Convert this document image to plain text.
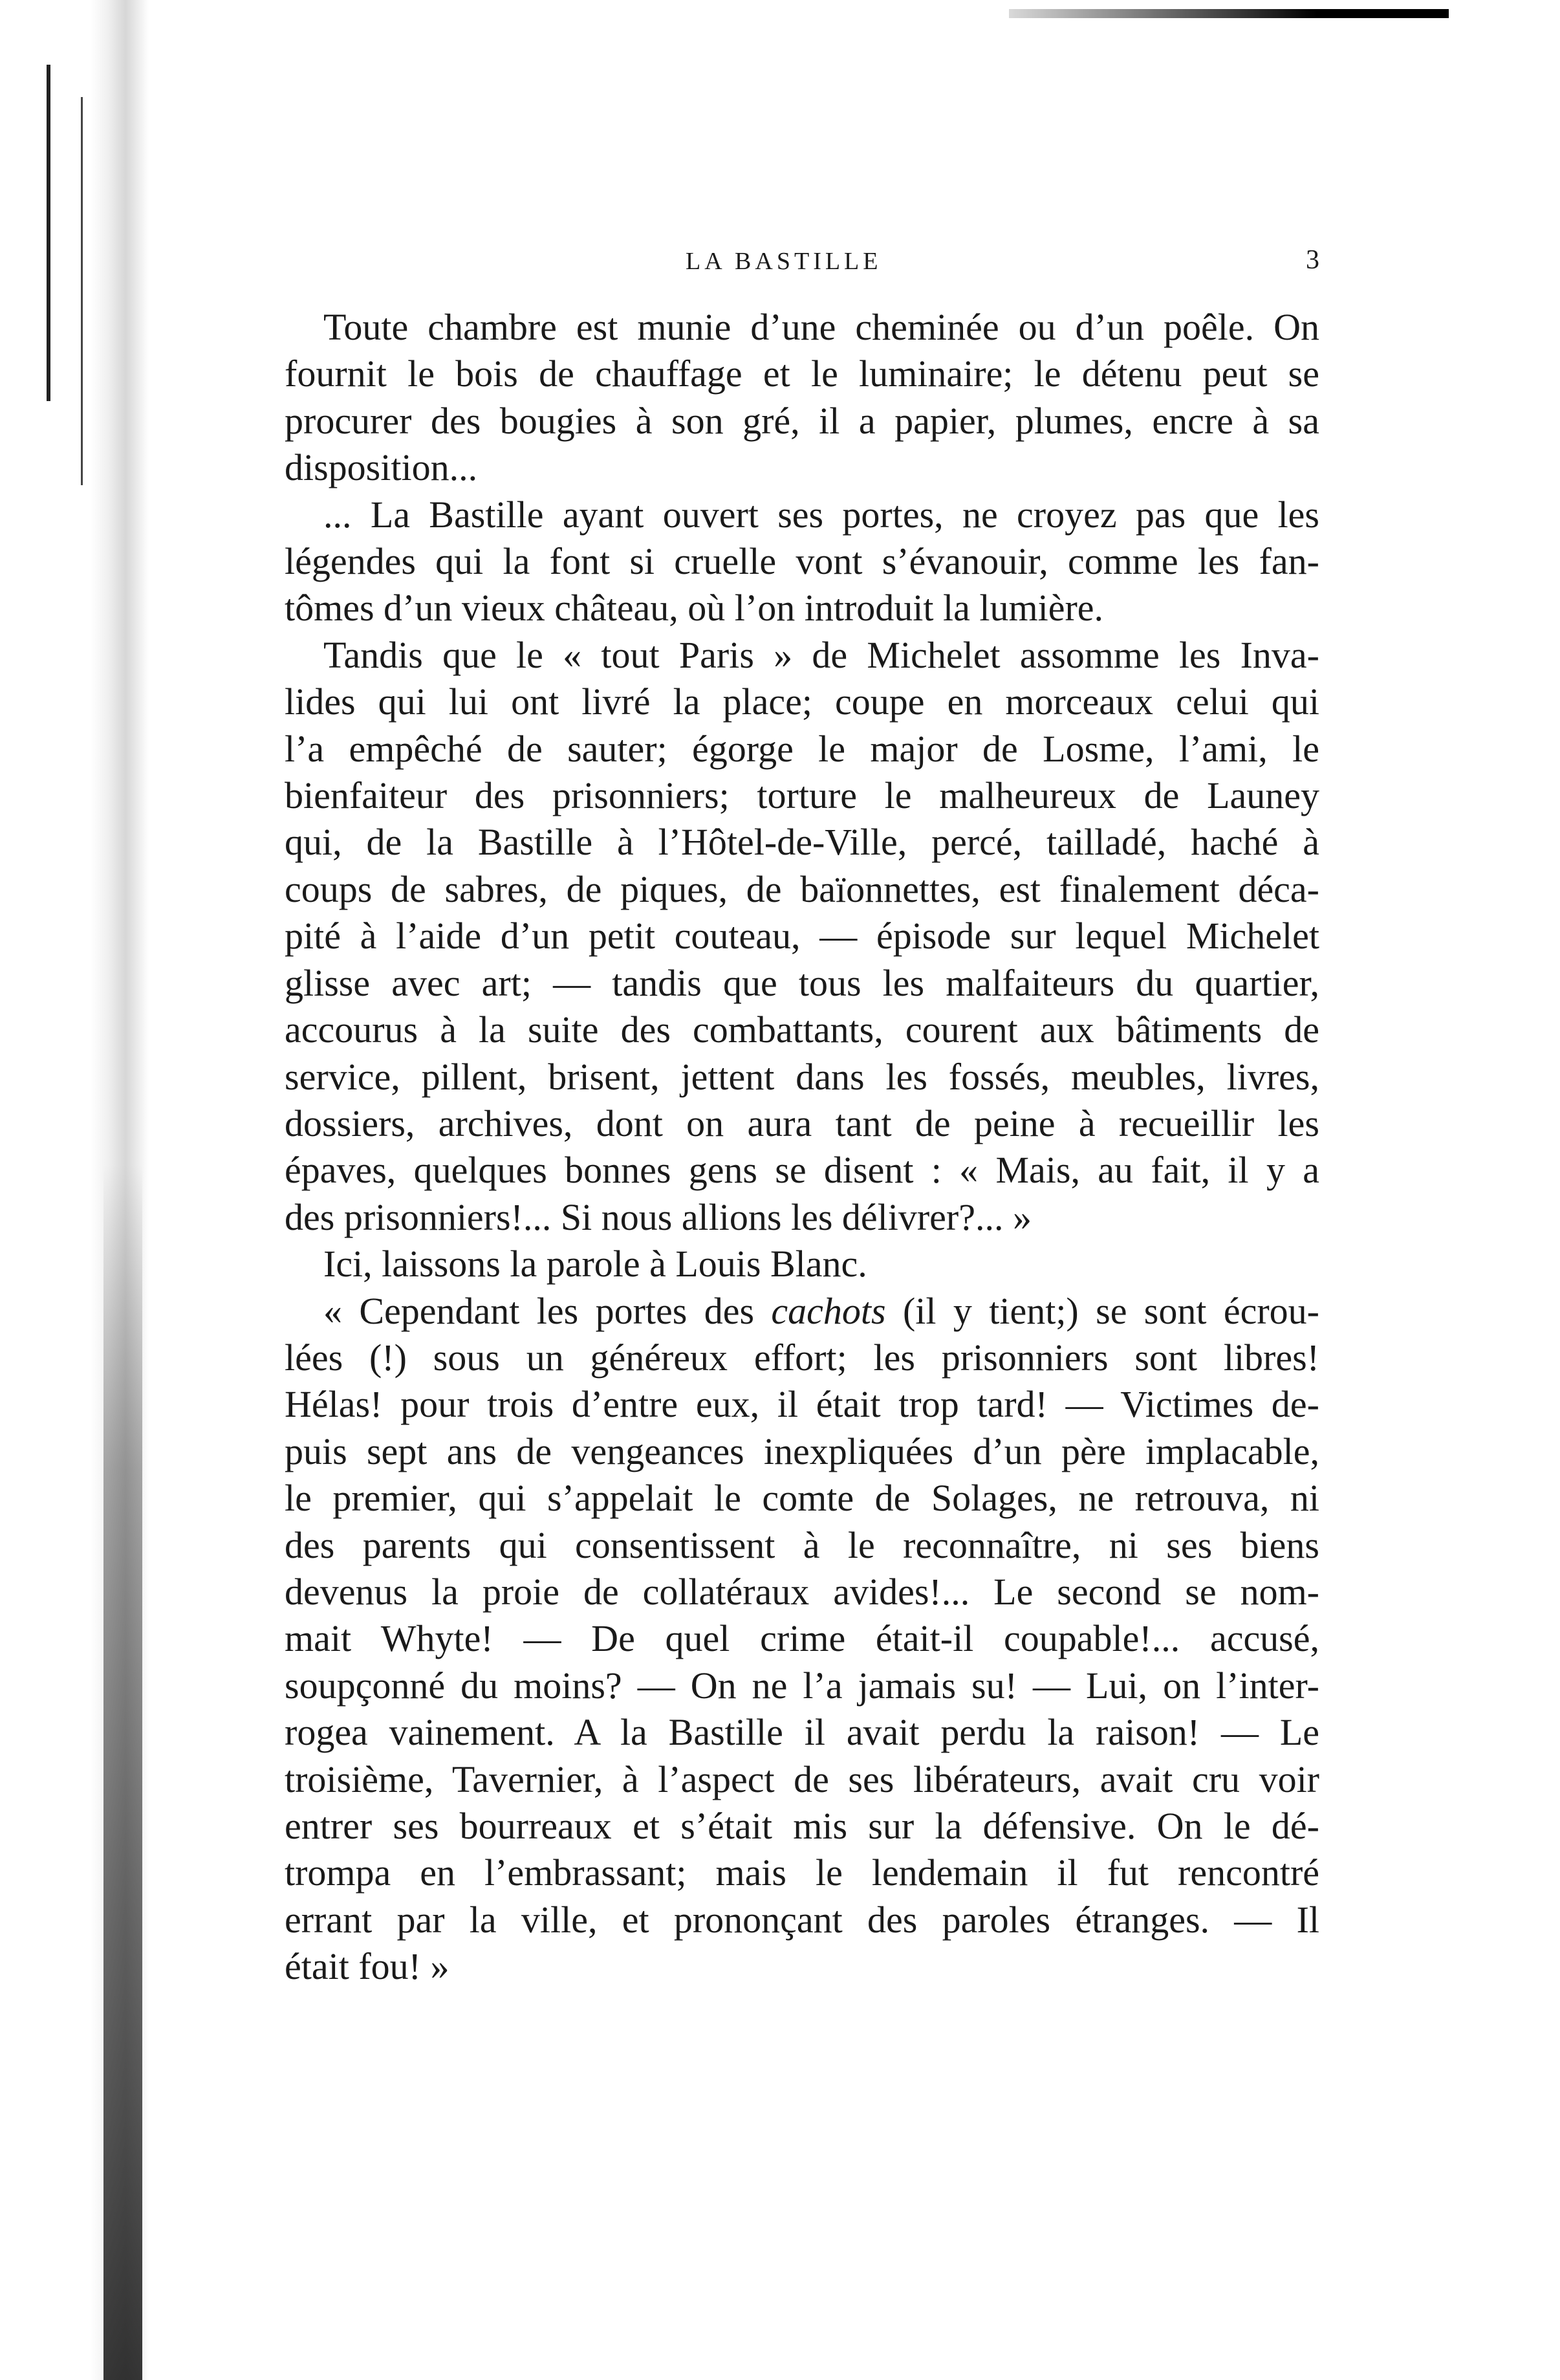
LA BASTILLE	3
Toute chambre est munie d’une cheminée ou d’un poêle. On
fournit le bois de chauffage et le luminaire; le détenu peut se
procurer des bougies à son gré, il a papier, plumes, encre à sa
disposition...
... La Bastille ayant ouvert ses portes, ne croyez pas que les
légendes qui la font si cruelle vont s’évanouir, comme les fan-
tômes d’un vieux château, où l’on introduit la lumière.
Tandis que le « tout Paris » de Michelet assomme les Inva-
lides qui lui ont livré la place; coupe en morceaux celui qui
l’a empêché de sauter; égorge le major de Losme, l’ami, le
bienfaiteur des prisonniers; torture le malheureux de Launey
qui, de la Bastille à l’Hôtel-de-Ville, percé, tailladé, haché à
coups de sabres, de piques, de baïonnettes, est finalement déca-
pité à l’aide d’un petit couteau, — épisode sur lequel Michelet
glisse avec art; — tandis que tous les malfaiteurs du quartier,
accourus à la suite des combattants, courent aux bâtiments de
service, pillent, brisent, jettent dans les fossés, meubles, livres,
dossiers, archives, dont on aura tant de peine à recueillir les
épaves, quelques bonnes gens se disent : « Mais, au fait, il y a
des prisonniers!... Si nous allions les délivrer?... »
Ici, laissons la parole à Louis Blanc.
« Cependant les portes des cachots (il y tient;) se sont écrou-
lées (!) sous un généreux effort; les prisonniers sont libres!
Hélas! pour trois d’entre eux, il était trop tard! — Victimes de-
puis sept ans de vengeances inexpliquées d’un père implacable,
le premier, qui s’appelait le comte de Solages, ne retrouva, ni
des parents qui consentissent à le reconnaître, ni ses biens
devenus la proie de collatéraux avides!... Le second se nom-
mait Whyte! — De quel crime était-il coupable!... accusé,
soupçonné du moins? — On ne l’a jamais su! — Lui, on l’inter-
rogea vainement. A la Bastille il avait perdu la raison! — Le
troisième, Tavernier, à l’aspect de ses libérateurs, avait cru voir
entrer ses bourreaux et s’était mis sur la défensive. On le dé-
trompa en l’embrassant; mais le lendemain il fut rencontré
errant par la ville, et prononçant des paroles étranges. — Il
était fou! »
